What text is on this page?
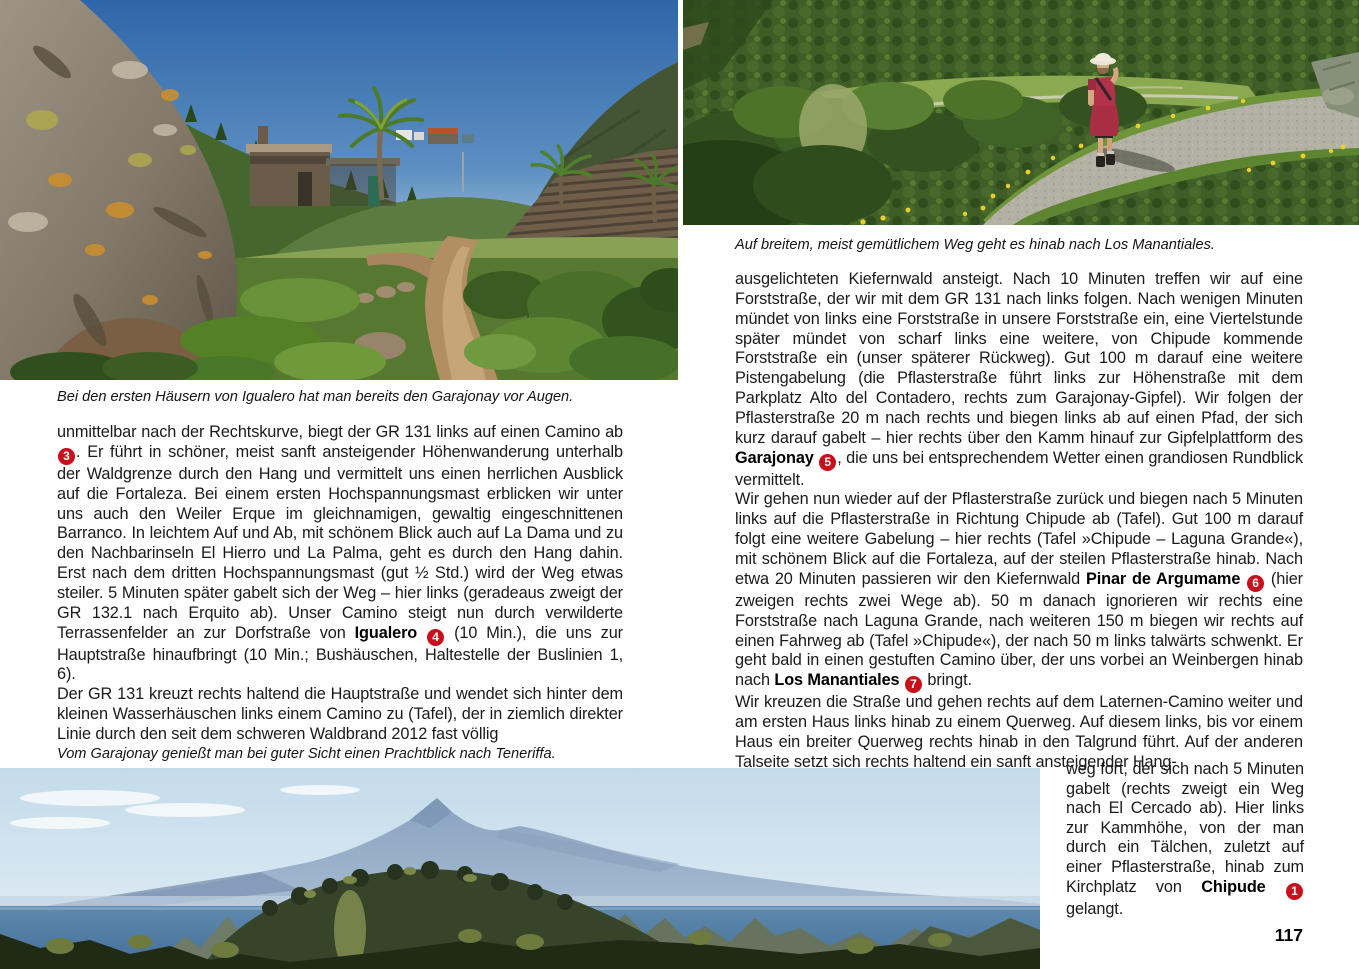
Bei den ersten Häusern von Igualero hat man bereits den Garajonay vor Augen.

Auf breitem, meist gemütlichem Weg geht es hinab nach Los Manantiales.

Vom Garajonay genießt man bei guter Sicht einen Prachtblick nach Teneriffa.

unmittelbar nach der Rechtskurve, biegt der GR 131 links auf einen Camino ab 3 . Er führt in schöner, meist sanft ansteigender Höhenwanderung unterhalb der Waldgrenze durch den Hang und vermittelt uns einen herrlichen Ausblick auf die Fortaleza. Bei einem ersten Hochspannungsmast erblicken wir unter uns auch den Weiler Erque im gleichnamigen, gewaltig eingeschnittenen Barranco. In leichtem Auf und Ab, mit schönem Blick auch auf La Dama und zu den Nachbarinseln El Hierro und La Palma, geht es durch den Hang dahin. Erst nach dem dritten Hochspannungsmast (gut ½ Std.) wird der Weg etwas steiler. 5 Minuten später gabelt sich der Weg – hier links (geradeaus zweigt der GR 132.1 nach Erquito ab). Unser Camino steigt nun durch verwilderte Terrassenfelder an zur Dorfstraße von Igualero 4 (10 Min.), die uns zur Hauptstraße hinaufbringt (10 Min.; Bushäuschen, Haltestelle der Buslinien 1, 6).

Der GR 131 kreuzt rechts haltend die Hauptstraße und wendet sich hinter dem kleinen Wasserhäuschen links einem Camino zu (Tafel), der in ziemlich direkter Linie durch den seit dem schweren Waldbrand 2012 fast völlig

ausgelichteten Kiefernwald ansteigt. Nach 10 Minuten treffen wir auf eine Forststraße, der wir mit dem GR 131 nach links folgen. Nach wenigen Minuten mündet von links eine Forststraße in unsere Forststraße ein, eine Viertelstunde später mündet von scharf links eine weitere, von Chipude kommende Forststraße ein (unser späterer Rückweg). Gut 100 m darauf eine weitere Pistengabelung (die Pflasterstraße führt links zur Höhenstraße mit dem Parkplatz Alto del Contadero, rechts zum Garajonay-Gipfel). Wir folgen der Pflasterstraße 20 m nach rechts und biegen links ab auf einen Pfad, der sich kurz darauf gabelt – hier rechts über den Kamm hinauf zur Gipfelplattform des Garajonay 5 , die uns bei entsprechendem Wetter einen grandiosen Rundblick vermittelt.

Wir gehen nun wieder auf der Pflasterstraße zurück und biegen nach 5 Minuten links auf die Pflasterstraße in Richtung Chipude ab (Tafel). Gut 100 m darauf folgt eine weitere Gabelung – hier rechts (Tafel »Chipude – Laguna Grande«), mit schönem Blick auf die Fortaleza, auf der steilen Pflasterstraße hinab. Nach etwa 20 Minuten passieren wir den Kiefernwald Pinar de Argumame 6 (hier zweigen rechts zwei Wege ab). 50 m danach ignorieren wir rechts eine Forststraße nach Laguna Grande, nach weiteren 150 m biegen wir rechts auf einen Fahrweg ab (Tafel »Chipude«), der nach 50 m links talwärts schwenkt. Er geht bald in einen gestuften Camino über, der uns vorbei an Weinbergen hinab nach Los Manantiales 7 bringt.

Wir kreuzen die Straße und gehen rechts auf dem Laternen-Camino weiter und am ersten Haus links hinab zu einem Querweg. Auf diesem links, bis vor einem Haus ein breiter Querweg rechts hinab in den Talgrund führt. Auf der anderen Talseite setzt sich rechts haltend ein sanft ansteigender Hang-

weg fort, der sich nach 5 Minuten gabelt (rechts zweigt ein Weg nach El Cercado ab). Hier links zur Kammhöhe, von der man durch ein Tälchen, zuletzt auf einer Pflasterstraße, hinab zum Kirchplatz von Chipude 1 gelangt.

117
